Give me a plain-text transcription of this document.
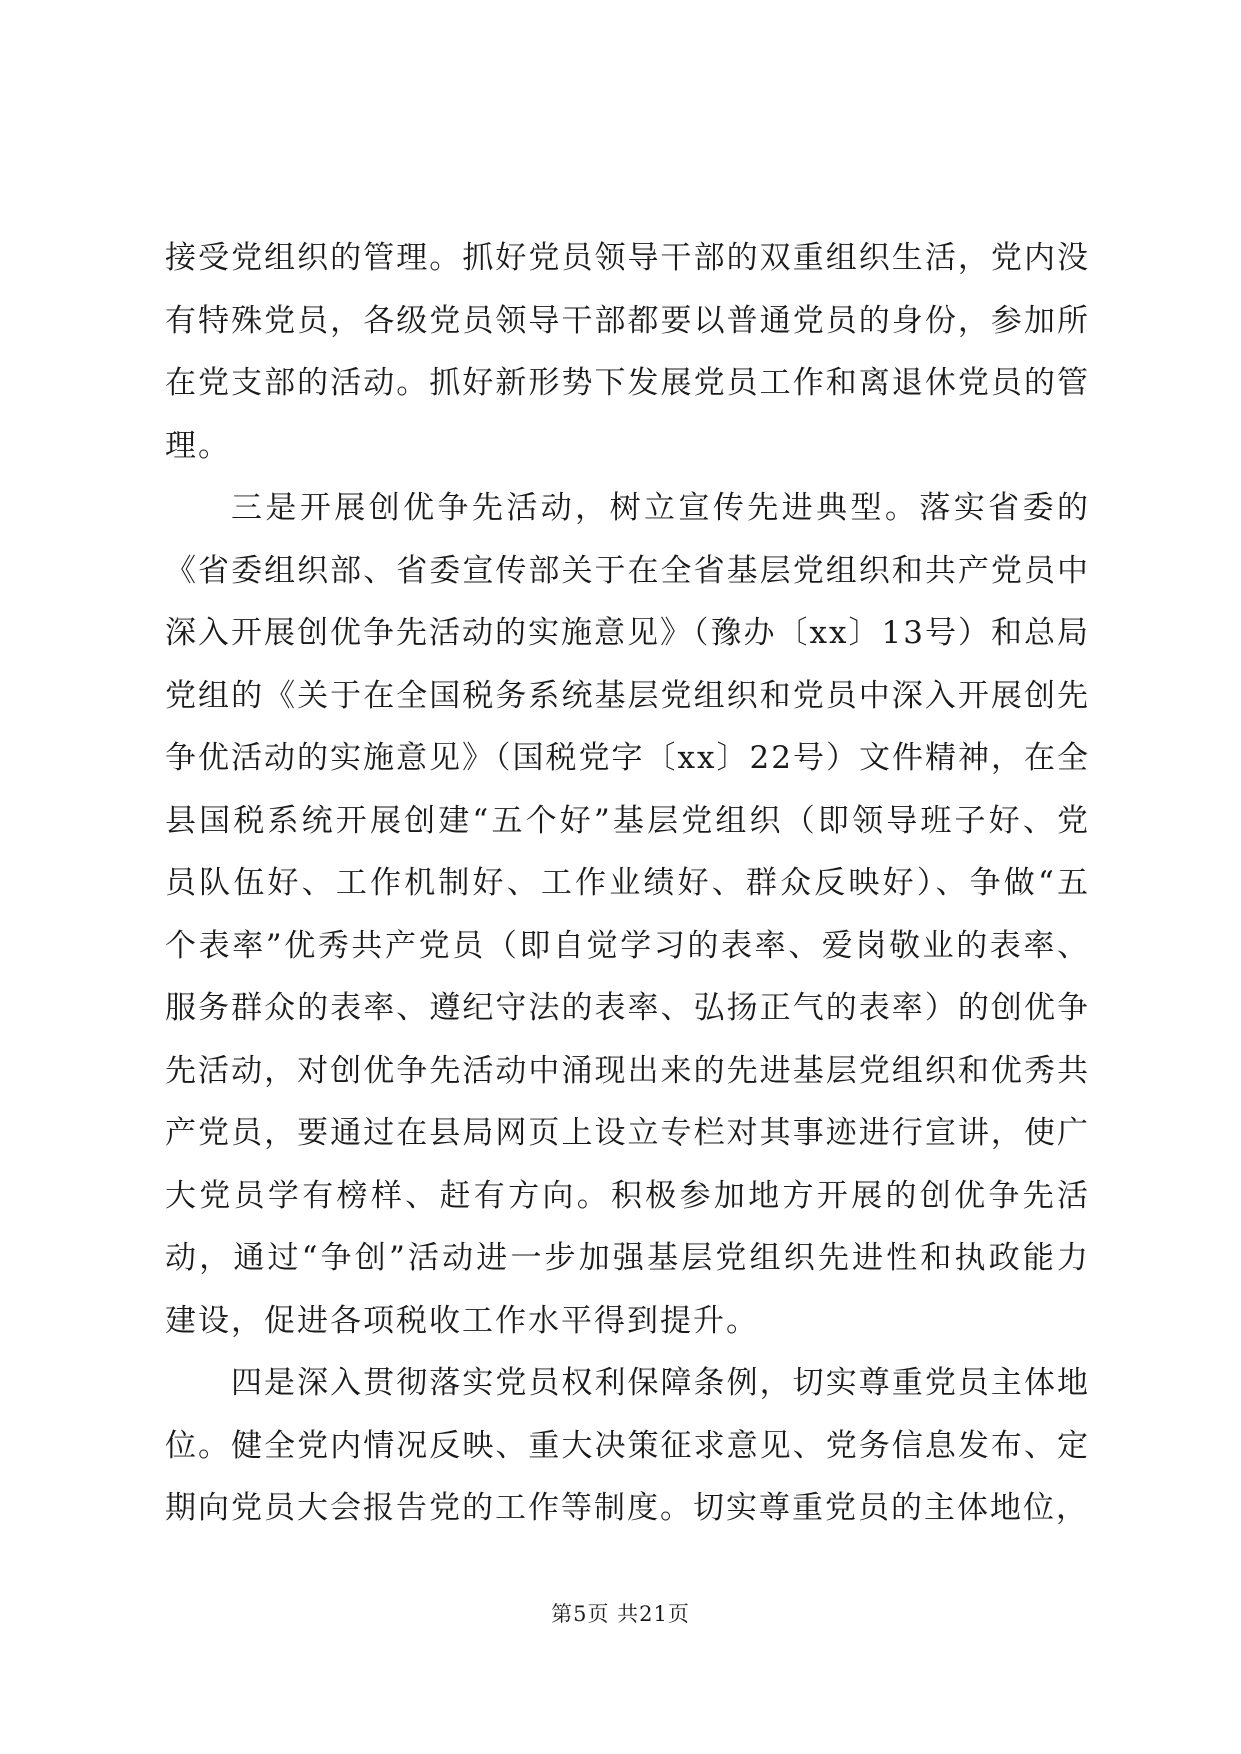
接受党组织的管理。抓好党员领导干部的双重组织生活，党内没有特殊党员，各级党员领导干部都要以普通党员的身份，参加所在党支部的活动。抓好新形势下发展党员工作和离退休党员的管理。

三是开展创优争先活动，树立宣传先进典型。落实省委的《省委组织部、省委宣传部关于在全省基层党组织和共产党员中深入开展创优争先活动的实施意见》（豫办〔xx〕13号）和总局党组的《关于在全国税务系统基层党组织和党员中深入开展创先争优活动的实施意见》（国税党字〔xx〕22号）文件精神，在全县国税系统开展创建“五个好”基层党组织（即领导班子好、党员队伍好、工作机制好、工作业绩好、群众反映好）、争做“五个表率”优秀共产党员（即自觉学习的表率、爱岗敬业的表率、服务群众的表率、遵纪守法的表率、弘扬正气的表率）的创优争先活动，对创优争先活动中涌现出来的先进基层党组织和优秀共产党员，要通过在县局网页上设立专栏对其事迹进行宣讲，使广大党员学有榜样、赶有方向。积极参加地方开展的创优争先活动，通过“争创”活动进一步加强基层党组织先进性和执政能力建设，促进各项税收工作水平得到提升。

四是深入贯彻落实党员权利保障条例，切实尊重党员主体地位。健全党内情况反映、重大决策征求意见、党务信息发布、定期向党员大会报告党的工作等制度。切实尊重党员的主体地位，

第5页 共21页
